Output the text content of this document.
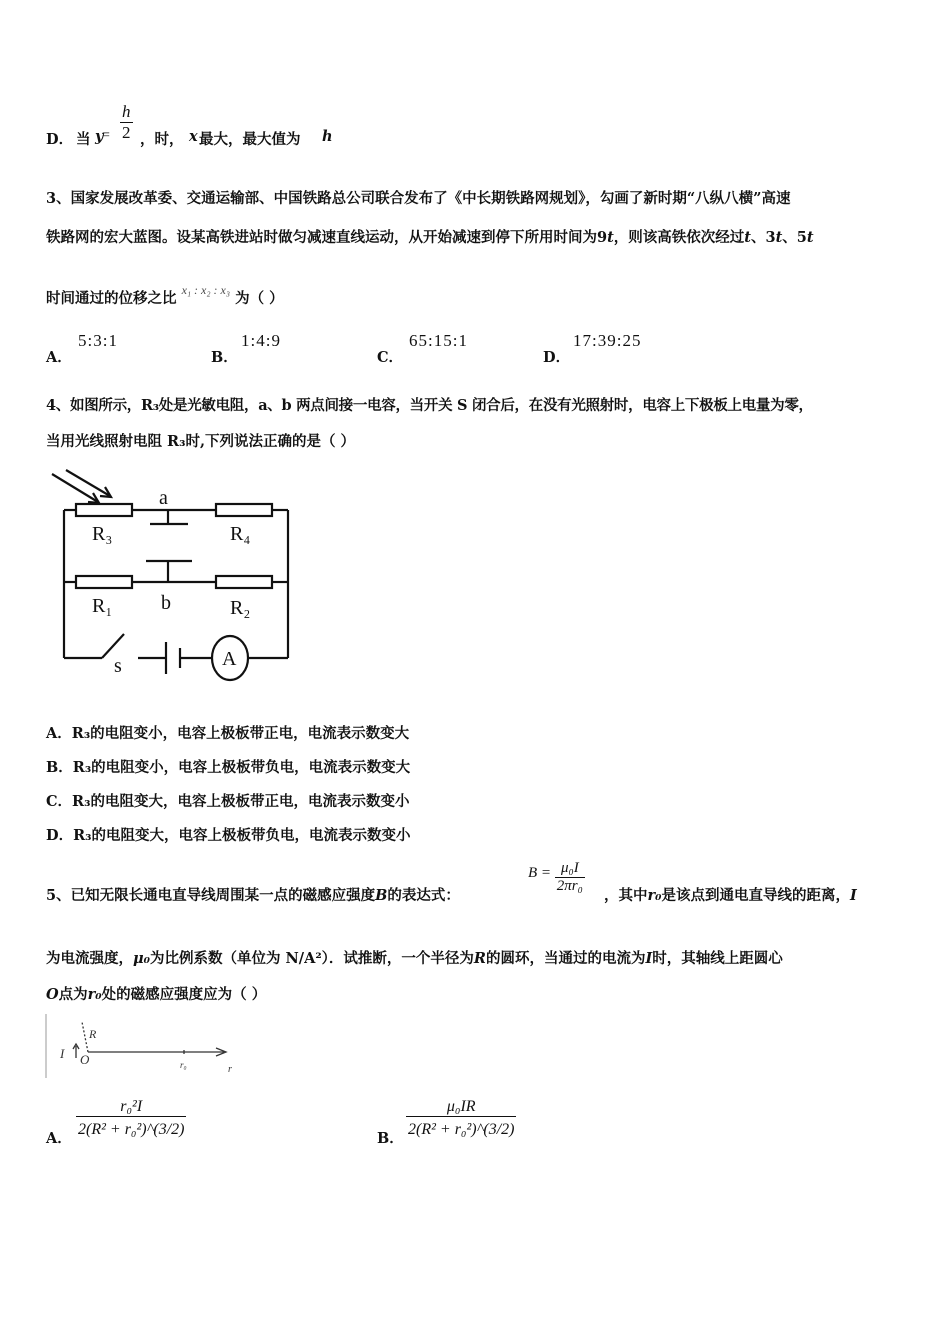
D． 当 y
= $\frac{h}{2}$ ，时， x 最大，最大值为 h
3、国家发展改革委、交通运输部、中国铁路总公司联合发布了《中长期铁路网规划》，勾画了新时期“八纵八横”高速
铁路网的宏大蓝图。设某高铁进站时做匀减速直线运动，从开始减速到停下所用时间为9t，则该高铁依次经过t、3t、5t
时间通过的位移之比 $^{x_1 : x_2 : x_3}$ 为（ ）
A．
5:3:1
B．
1:4:9
C．
65:15:1
D．
17:39:25
4、如图所示，R₃处是光敏电阻，a、b 两点间接一电容，当开关 S 闭合后，在没有光照射时，电容上下极板上电量为零，
当用光线照射电阻 R₃时,下列说法正确的是（ ）
R₃	R₄
a
b
R₁	R₂
s	A
A．R₃的电阻变小，电容上极板带正电，电流表示数变大
B．R₃的电阻变小，电容上极板带负电，电流表示数变大
C．R₃的电阻变大，电容上极板带正电，电流表示数变小
D．R₃的电阻变大，电容上极板带负电，电流表示数变小
5、已知无限长通电直导线周围某一点的磁感应强度B的表达式：
$B = \frac{\text{μ₀I}}{\text{2πr₀}}$
，其中r₀是该点到通电直导线的距离，I
为电流强度，μ₀为比例系数（单位为 N/A²）．试推断，一个半径为R的圆环，当通过的电流为I时，其轴线上距圆心
O点为r₀处的磁感应强度应为（ ）
I O
R
r₀	r
A． $\frac{\text{r₀²I}}{\text{2(R² + r₀²)\textasciicircum{}(3/2)}}$	B． $\frac{\text{μ₀IR}}{\text{2(R² + r₀²)\textasciicircum{}(3/2)}}$
